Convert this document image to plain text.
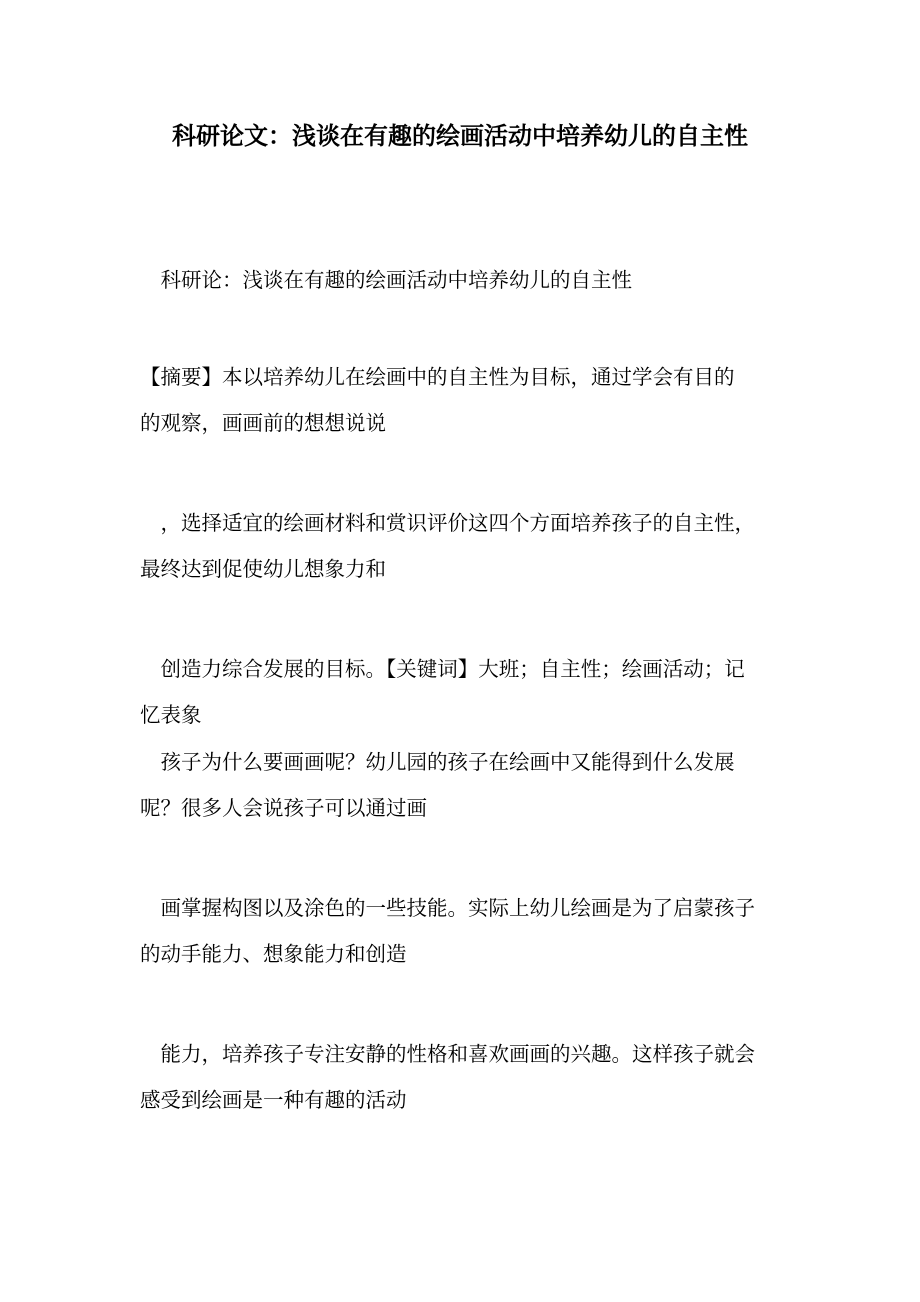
科研论文：浅谈在有趣的绘画活动中培养幼儿的自主性
　科研论：浅谈在有趣的绘画活动中培养幼儿的自主性
【摘要】本以培养幼儿在绘画中的自主性为目标，通过学会有目的
的观察，画画前的想想说说
　，选择适宜的绘画材料和赏识评价这四个方面培养孩子的自主性，
最终达到促使幼儿想象力和
　创造力综合发展的目标。【关键词】大班；自主性；绘画活动；记
忆表象
　孩子为什么要画画呢？幼儿园的孩子在绘画中又能得到什么发展
呢？很多人会说孩子可以通过画
　画掌握构图以及涂色的一些技能。实际上幼儿绘画是为了启蒙孩子
的动手能力、想象能力和创造
　能力，培养孩子专注安静的性格和喜欢画画的兴趣。这样孩子就会
感受到绘画是一种有趣的活动
